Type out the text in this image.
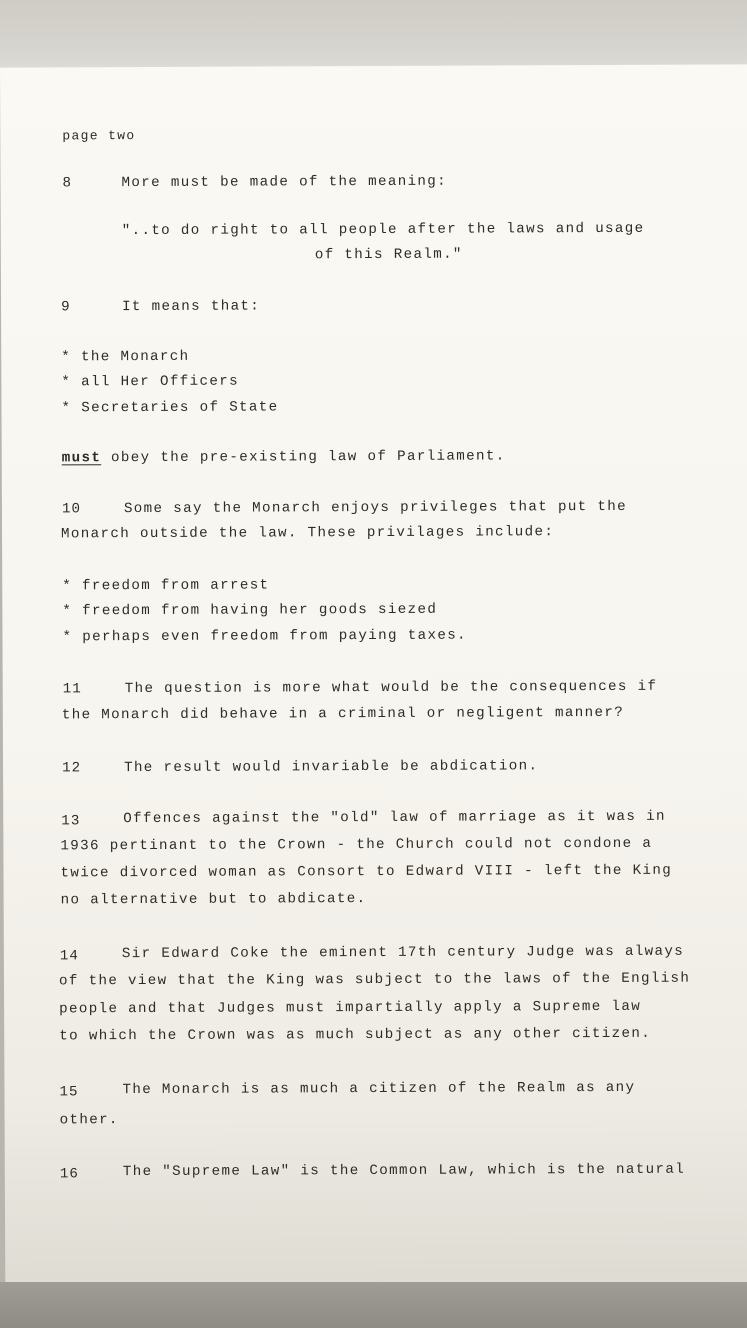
page two
8	More must be made of the meaning:
"..to do right to all people after the laws and usage
of this Realm."
9	It means that:
* the Monarch
* all Her Officers
* Secretaries of State
must obey the pre-existing law of Parliament.
10	Some say the Monarch enjoys privileges that put the
Monarch outside the law. These privilages include:
* freedom from arrest
* freedom from having her goods siezed
* perhaps even freedom from paying taxes.
11	The question is more what would be the consequences if
the Monarch did behave in a criminal or negligent manner?
12	The result would invariable be abdication.
13	Offences against the "old" law of marriage as it was in
1936 pertinant to the Crown - the Church could not condone a
twice divorced woman as Consort to Edward VIII - left the King
no alternative but to abdicate.
14	Sir Edward Coke the eminent 17th century Judge was always
of the view that the King was subject to the laws of the English
people and that Judges must impartially apply a Supreme law
to which the Crown was as much subject as any other citizen.
15	The Monarch is as much a citizen of the Realm as any
other.
16	The "Supreme Law" is the Common Law, which is the natural
